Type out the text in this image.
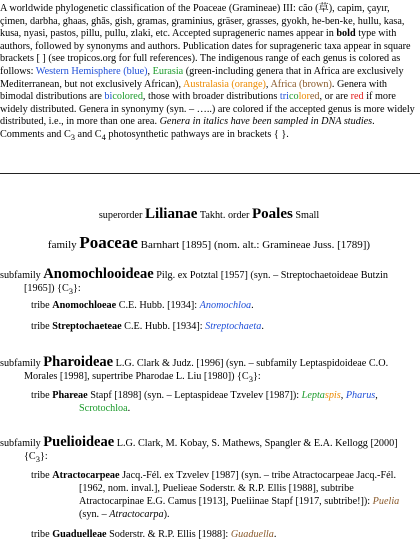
A worldwide phylogenetic classification of the Poaceae (Gramineae) III: cão (草), capim, çayır, çimen, darbha, ghaas, ghās, gish, gramas, graminius, gräser, grasses, gyokh, he-ben-ke, hullu, kasa, kusa, nyasi, pastos, pillu, pullu, zlaki, etc. Accepted suprageneric names appear in bold type with authors, followed by synonyms and authors. Publication dates for suprageneric taxa appear in square brackets [ ] (see tropicos.org for full references). The indigenous range of each genus is colored as follows: Western Hemisphere (blue), Eurasia (green-including genera that in Africa are exclusively Mediterranean, but not exclusively African), Australasia (orange), Africa (brown). Genera with bimodal distributions are bicolored, those with broader distributions tricolored, or are red if more widely distributed. Genera in synonymy (syn. – …..) are colored if the accepted genus is more widely distributed, i.e., in more than one area. Genera in italics have been sampled in DNA studies. Comments and $C_3$ and $C_4$ photosynthetic pathways are in brackets { }.

superorder Lilianae Takht. order Poales Small
family Poaceae Barnhart [1895] (nom. alt.: Gramineae Juss. [1789])
subfamily Anomochlooideae Pilg. ex Potztal [1957] (syn. – Streptochaetoideae Butzin
[1965]) $\{C_3\}$:
tribe Anomochloeae C.E. Hubb. [1934]: Anomochloa.
tribe Streptochaeteae C.E. Hubb. [1934]: Streptochaeta.
subfamily Pharoideae L.G. Clark & Judz. [1996] (syn. – subfamily Leptaspidoideae C.O.
Morales [1998], supertribe Pharodae L. Liu [1980]) $\{C_3\}$:
tribe Phareae Stapf [1898] (syn. – Leptaspideae Tzvelev [1987]): Leptaspis, Pharus,
Scrotochloa.
subfamily Puelioideae L.G. Clark, M. Kobay, S. Mathews, Spangler & E.A. Kellogg [2000]
$\{C_3\}$:
tribe Atractocarpeae Jacq.-Fél. ex Tzvelev [1987] (syn. – tribe Atractocarpeae Jacq.-Fél.
[1962, nom. inval.], Puelieae Soderstr. & R.P. Ellis [1988], subtribe
Atractocarpinae E.G. Camus [1913], Pueliinae Stapf [1917, subtribe!]): Puelia
(syn. – Atractocarpa).
tribe Guaduelleae Soderstr. & R.P. Ellis [1988]: Guaduella.
